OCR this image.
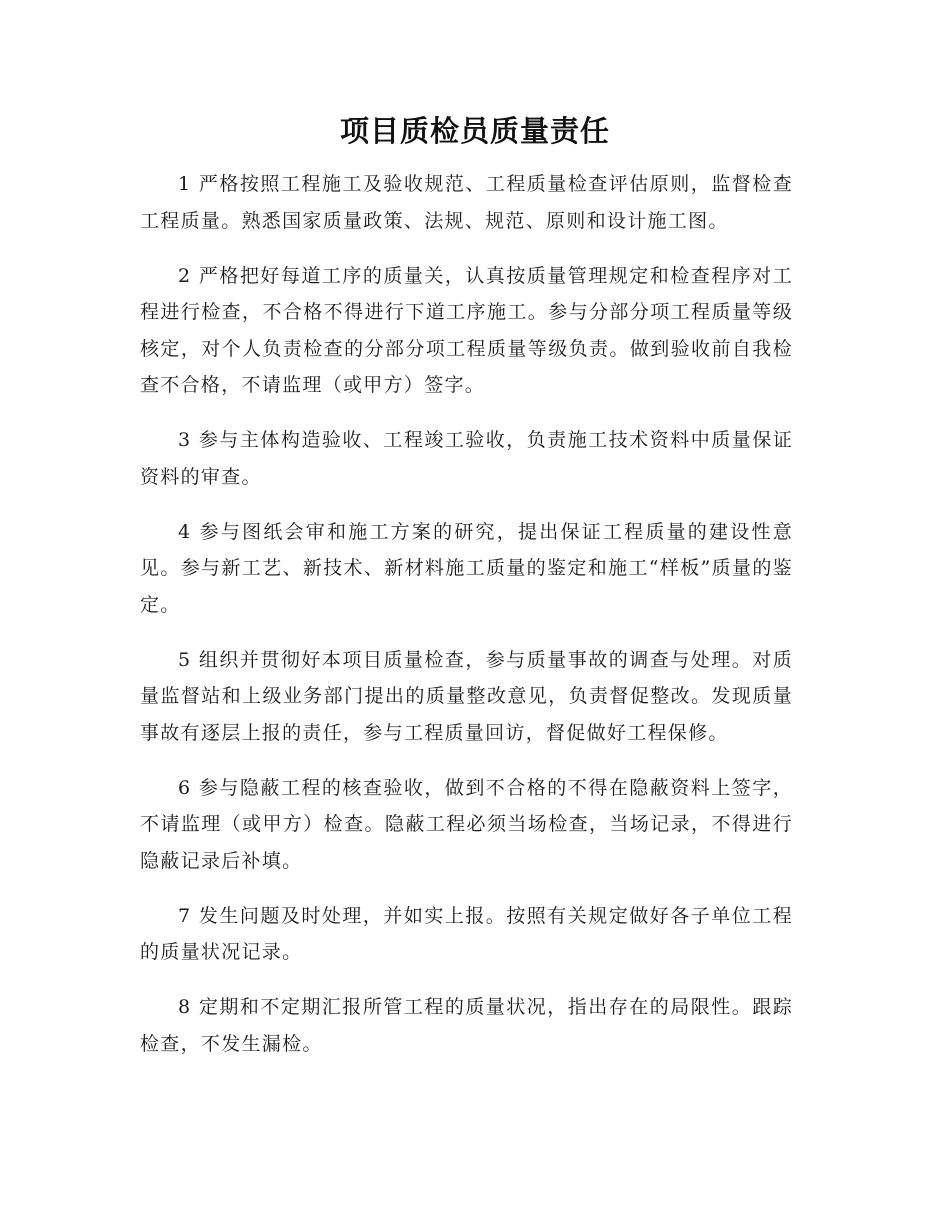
项目质检员质量责任

1 严格按照工程施工及验收规范、工程质量检查评估原则，监督检查工程质量。熟悉国家质量政策、法规、规范、原则和设计施工图。

2 严格把好每道工序的质量关，认真按质量管理规定和检查程序对工程进行检查，不合格不得进行下道工序施工。参与分部分项工程质量等级核定，对个人负责检查的分部分项工程质量等级负责。做到验收前自我检查不合格，不请监理（或甲方）签字。

3 参与主体构造验收、工程竣工验收，负责施工技术资料中质量保证资料的审查。

4 参与图纸会审和施工方案的研究，提出保证工程质量的建设性意见。参与新工艺、新技术、新材料施工质量的鉴定和施工“样板”质量的鉴定。

5 组织并贯彻好本项目质量检查，参与质量事故的调查与处理。对质量监督站和上级业务部门提出的质量整改意见，负责督促整改。发现质量事故有逐层上报的责任，参与工程质量回访，督促做好工程保修。

6 参与隐蔽工程的核查验收，做到不合格的不得在隐蔽资料上签字，不请监理（或甲方）检查。隐蔽工程必须当场检查，当场记录，不得进行隐蔽记录后补填。

7 发生问题及时处理，并如实上报。按照有关规定做好各子单位工程的质量状况记录。

8 定期和不定期汇报所管工程的质量状况，指出存在的局限性。跟踪检查，不发生漏检。
